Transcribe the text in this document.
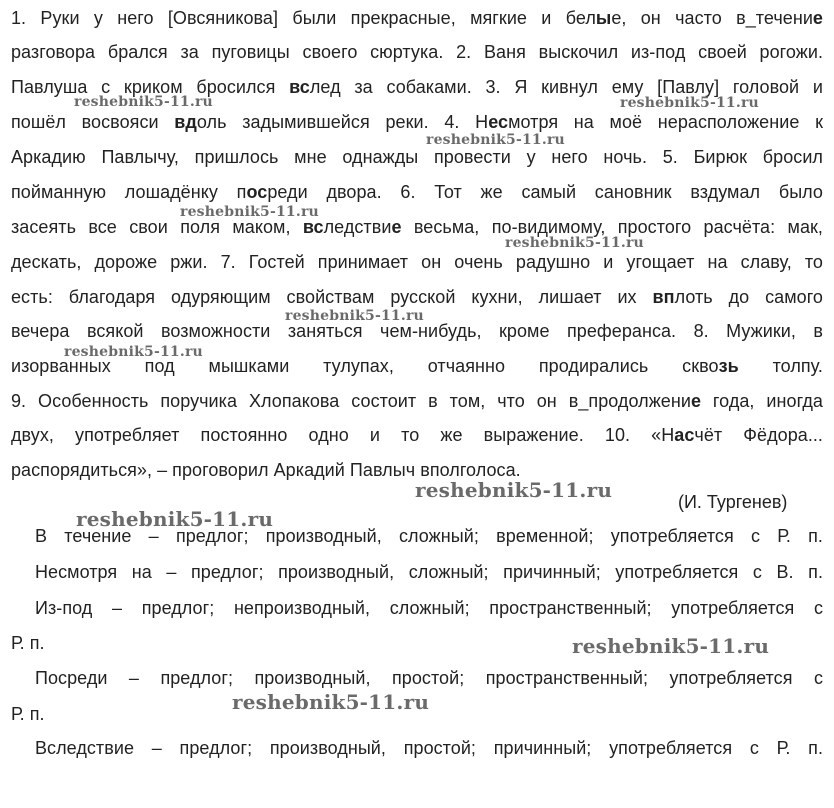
1. Руки у него [Овсяникова] были прекрасные, мягкие и белые, он часто в_течение
разговора брался за пуговицы своего сюртука. 2. Ваня выскочил из-под своей рогожи.
Павлуша с криком бросился вслед за собаками. 3. Я кивнул ему [Павлу] головой и
пошёл восвояси вдоль задымившейся реки. 4. Несмотря на моё нерасположение к
Аркадию Павлычу, пришлось мне однажды провести у него ночь. 5. Бирюк бросил
пойманную лошадёнку посреди двора. 6. Тот же самый сановник вздумал было
засеять все свои поля маком, вследствие весьма, по-видимому, простого расчёта: мак,
дескать, дороже ржи. 7. Гостей принимает он очень радушно и угощает на славу, то
есть: благодаря одуряющим свойствам русской кухни, лишает их вплоть до самого
вечера всякой возможности заняться чем-нибудь, кроме преферанса. 8. Мужики, в
изорванных под мышками тулупах, отчаянно продирались сквозь толпу.
9. Особенность поручика Хлопакова состоит в том, что он в_продолжение года, иногда
двух, употребляет постоянно одно и то же выражение. 10. «Насчёт Фёдора...
распорядиться», – проговорил Аркадий Павлыч вполголоса.
(И. Тургенев)
В течение – предлог; производный, сложный; временной; употребляется с Р. п.
Несмотря на – предлог; производный, сложный; причинный; употребляется с В. п.
Из-под – предлог; непроизводный, сложный; пространственный; употребляется с
Р. п.
Посреди – предлог; производный, простой; пространственный; употребляется с
Р. п.
Вследствие – предлог; производный, простой; причинный; употребляется с Р. п.
reshebnik5-11.ru	reshebnik5-11.ru
reshebnik5-11.ru
reshebnik5-11.ru
reshebnik5-11.ru
reshebnik5-11.ru
reshebnik5-11.ru
reshebnik5-11.ru
reshebnik5-11.ru
reshebnik5-11.ru
reshebnik5-11.ru
